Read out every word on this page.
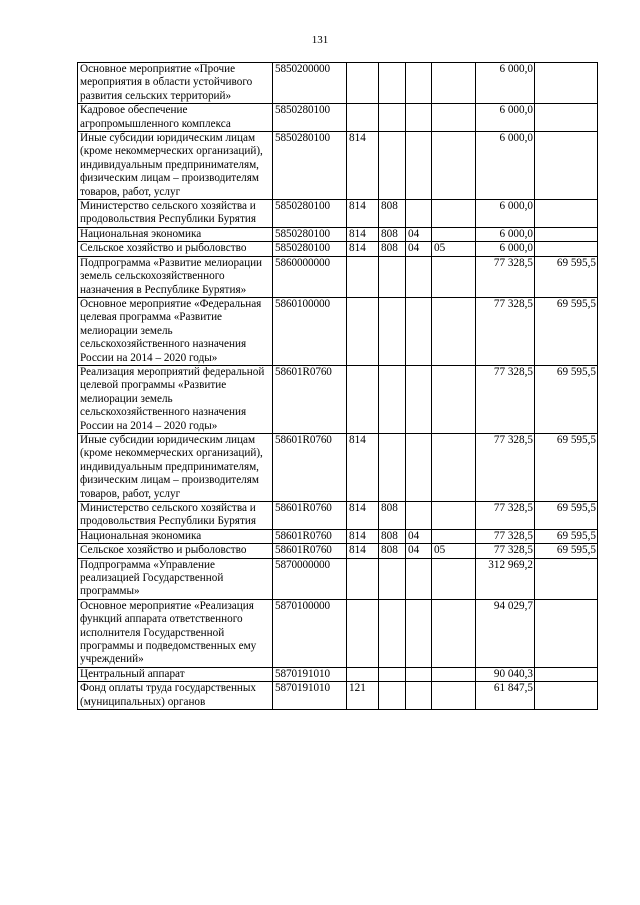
131
Основное мероприятие «Прочие мероприятия в области устойчивого развития сельских территорий»	5850200000					6 000,0	
Кадровое обеспечение агропромышленного комплекса	5850280100					6 000,0	
Иные субсидии юридическим лицам (кроме некоммерческих организаций), индивидуальным предпринимателям, физическим лицам – производителям товаров, работ, услуг	5850280100	814				6 000,0	
Министерство сельского хозяйства и продовольствия Республики Бурятия	5850280100	814	808			6 000,0	
Национальная экономика	5850280100	814	808	04		6 000,0	
Сельское хозяйство и рыболовство	5850280100	814	808	04	05	6 000,0	
Подпрограмма «Развитие мелиорации земель сельскохозяйственного назначения в Республике Бурятия»	5860000000					77 328,5	69 595,5
Основное мероприятие «Федеральная целевая программа «Развитие мелиорации земель сельскохозяйственного назначения России на 2014 – 2020 годы»	5860100000					77 328,5	69 595,5
Реализация мероприятий федеральной целевой программы «Развитие мелиорации земель сельскохозяйственного назначения России на 2014 – 2020 годы»	58601R0760					77 328,5	69 595,5
Иные субсидии юридическим лицам (кроме некоммерческих организаций), индивидуальным предпринимателям, физическим лицам – производителям товаров, работ, услуг	58601R0760	814				77 328,5	69 595,5
Министерство сельского хозяйства и продовольствия Республики Бурятия	58601R0760	814	808			77 328,5	69 595,5
Национальная экономика	58601R0760	814	808	04		77 328,5	69 595,5
Сельское хозяйство и рыболовство	58601R0760	814	808	04	05	77 328,5	69 595,5
Подпрограмма «Управление реализацией Государственной программы»	5870000000					312 969,2	
Основное мероприятие «Реализация функций аппарата ответственного исполнителя Государственной программы и подведомственных ему учреждений»	5870100000					94 029,7	
Центральный аппарат	5870191010					90 040,3	
Фонд оплаты труда государственных (муниципальных) органов	5870191010	121				61 847,5	
